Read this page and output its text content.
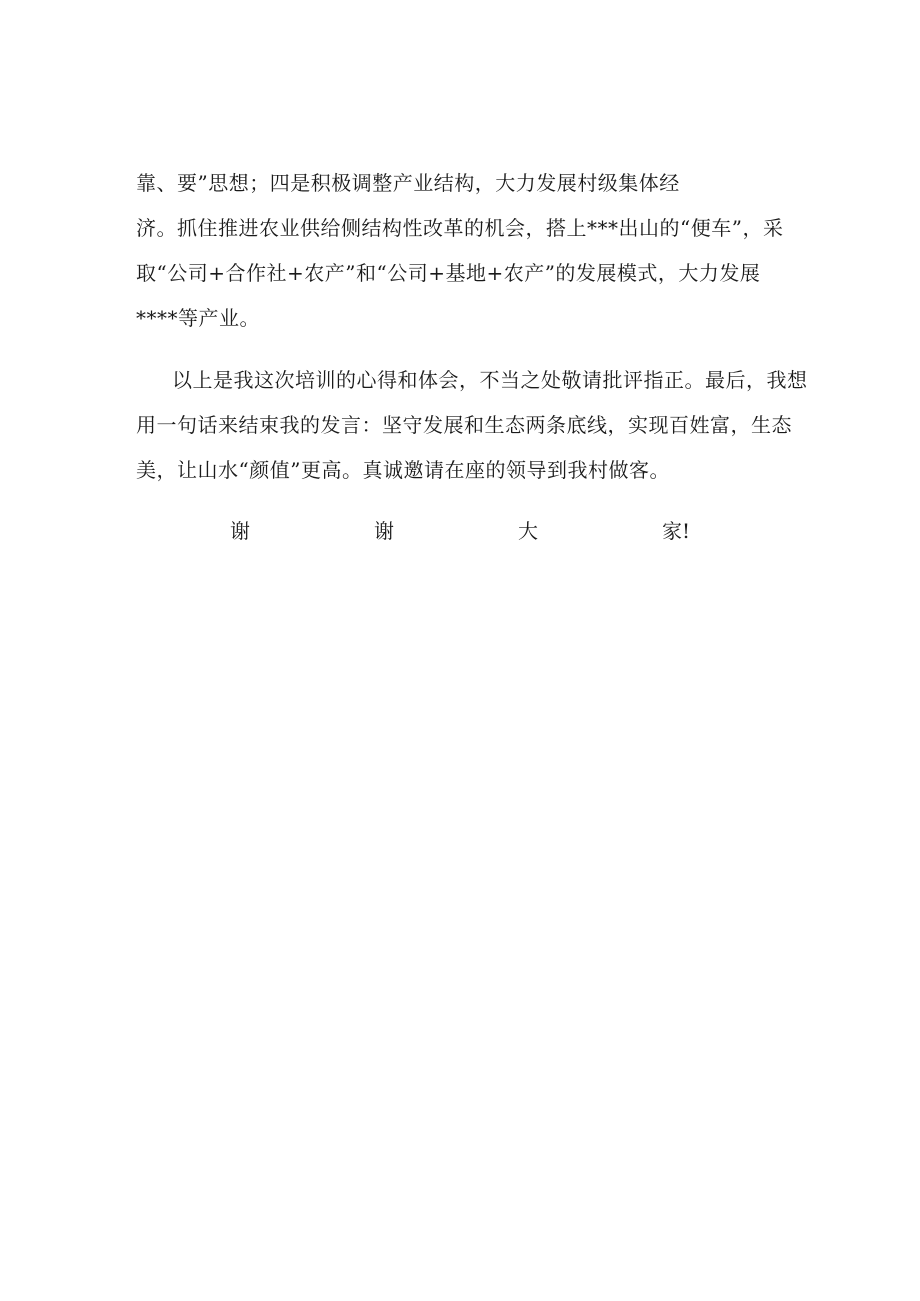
靠、要”思想；四是积极调整产业结构，大力发展村级集体经
济。抓住推进农业供给侧结构性改革的机会，搭上***出山的“便车”，采
取“公司+合作社+农产”和“公司+基地+农产”的发展模式，大力发展
****等产业。
以上是我这次培训的心得和体会，不当之处敬请批评指正。最后，我想
用一句话来结束我的发言：坚守发展和生态两条底线，实现百姓富，生态
美，让山水“颜值”更高。真诚邀请在座的领导到我村做客。
谢	谢	大	家!
